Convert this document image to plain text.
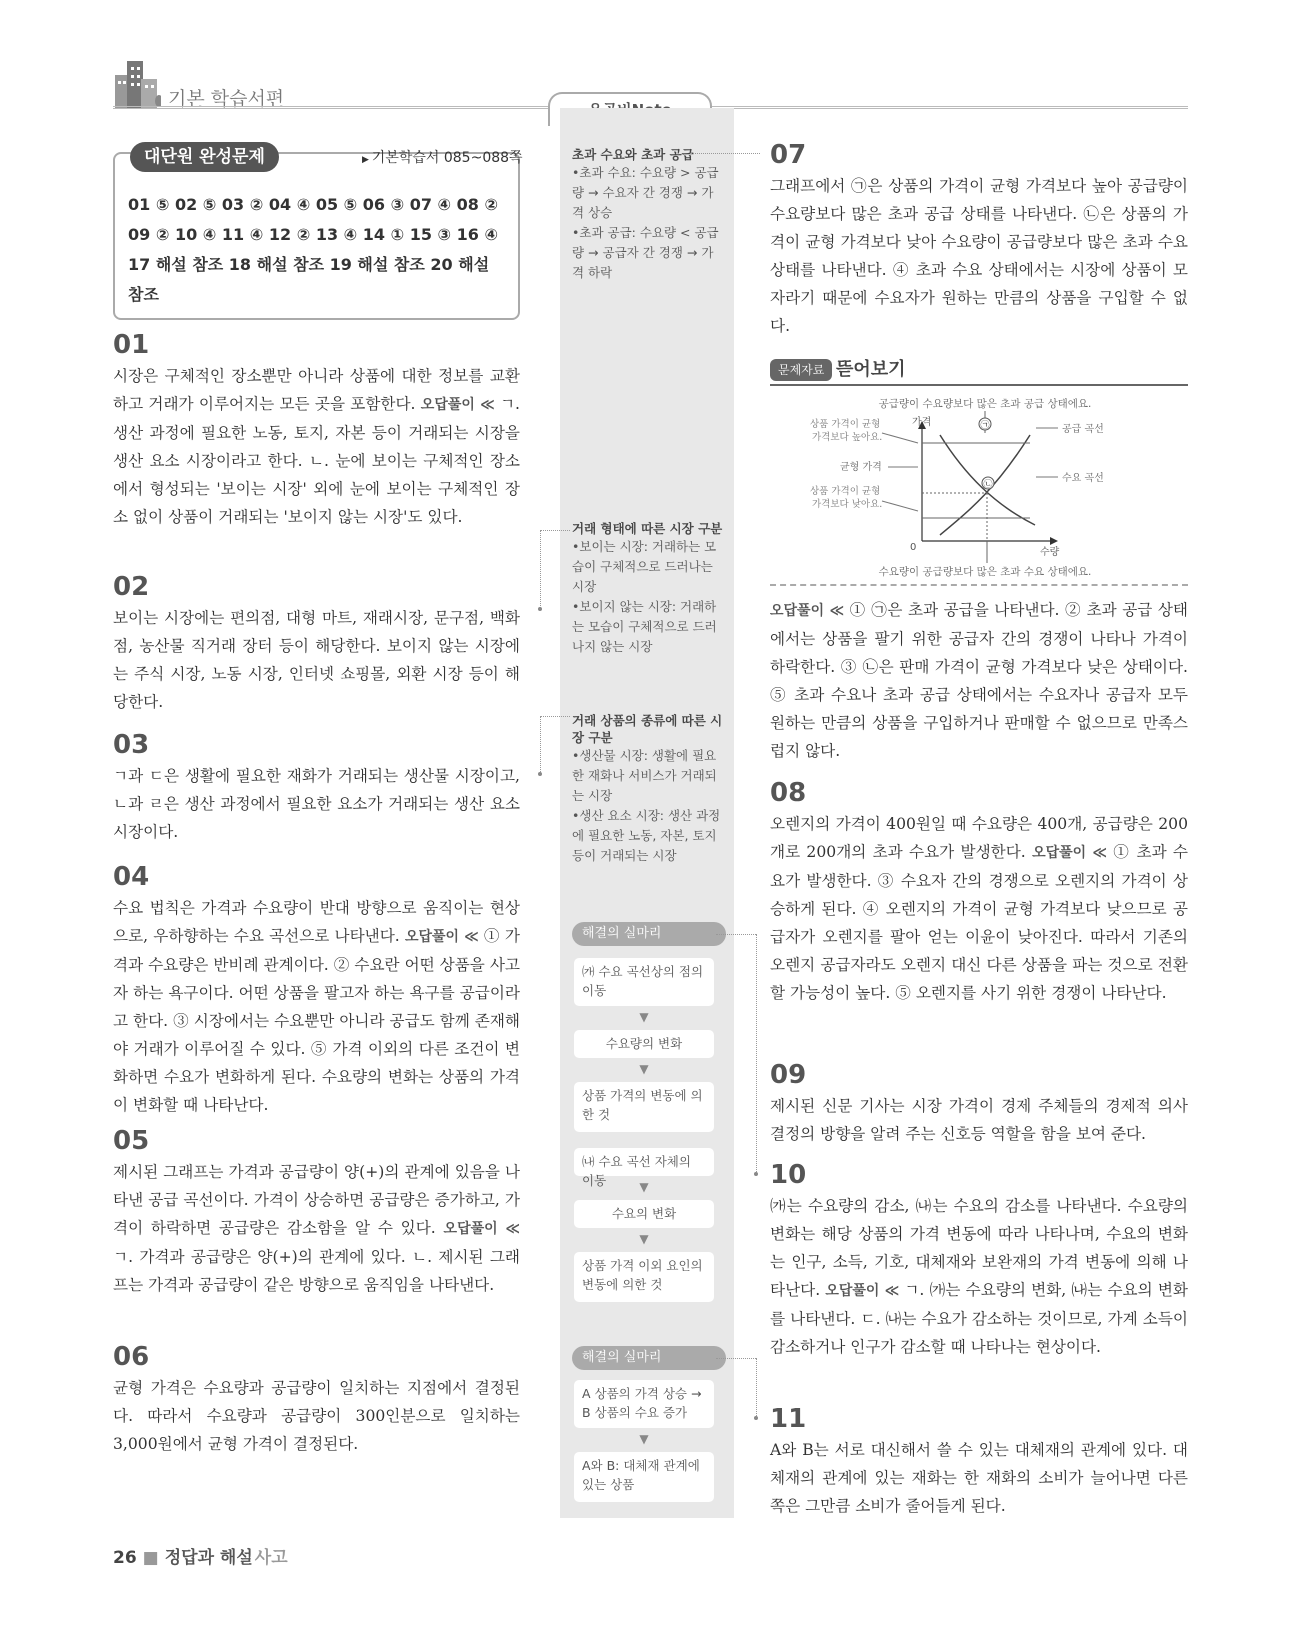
기본 학습서편
대단원 완성문제
▶	기본학습서 085~088쪽
01 ⑤ 02 ⑤ 03 ② 04 ④ 05 ⑤ 06 ③ 07 ④ 08 ② 09 ② 10 ④ 11 ④ 12 ② 13 ④ 14 ① 15 ③ 16 ④ 17 해설 참조 18 해설 참조 19 해설 참조 20 해설 참조
01
시장은 구체적인 장소뿐만 아니라 상품에 대한 정보를 교환하고 거래가 이루어지는 모든 곳을 포함한다. 오답풀이 ≪ ㄱ. 생산 과정에 필요한 노동, 토지, 자본 등이 거래되는 시장을 생산 요소 시장이라고 한다. ㄴ. 눈에 보이는 구체적인 장소에서 형성되는 '보이는 시장' 외에 눈에 보이는 구체적인 장소 없이 상품이 거래되는 '보이지 않는 시장'도 있다.
02
보이는 시장에는 편의점, 대형 마트, 재래시장, 문구점, 백화점, 농산물 직거래 장터 등이 해당한다. 보이지 않는 시장에는 주식 시장, 노동 시장, 인터넷 쇼핑몰, 외환 시장 등이 해당한다.
03
ㄱ과 ㄷ은 생활에 필요한 재화가 거래되는 생산물 시장이고, ㄴ과 ㄹ은 생산 과정에서 필요한 요소가 거래되는 생산 요소 시장이다.
04
수요 법칙은 가격과 수요량이 반대 방향으로 움직이는 현상으로, 우하향하는 수요 곡선으로 나타낸다. 오답풀이 ≪ ① 가격과 수요량은 반비례 관계이다. ② 수요란 어떤 상품을 사고자 하는 욕구이다. 어떤 상품을 팔고자 하는 욕구를 공급이라고 한다. ③ 시장에서는 수요뿐만 아니라 공급도 함께 존재해야 거래가 이루어질 수 있다. ⑤ 가격 이외의 다른 조건이 변화하면 수요가 변화하게 된다. 수요량의 변화는 상품의 가격이 변화할 때 나타난다.
05
제시된 그래프는 가격과 공급량이 양(+)의 관계에 있음을 나타낸 공급 곡선이다. 가격이 상승하면 공급량은 증가하고, 가격이 하락하면 공급량은 감소함을 알 수 있다. 오답풀이 ≪ ㄱ. 가격과 공급량은 양(+)의 관계에 있다. ㄴ. 제시된 그래프는 가격과 공급량이 같은 방향으로 움직임을 나타낸다.
06
균형 가격은 수요량과 공급량이 일치하는 지점에서 결정된다. 따라서 수요량과 공급량이 300인분으로 일치하는 3,000원에서 균형 가격이 결정된다.
초과 수요와 초과 공급
•초과 수요: 수요량 > 공급량 → 수요자 간 경쟁 → 가격 상승
•초과 공급: 수요량 < 공급량 → 공급자 간 경쟁 → 가격 하락
거래 형태에 따른 시장 구분
•보이는 시장: 거래하는 모습이 구체적으로 드러나는 시장
•보이지 않는 시장: 거래하는 모습이 구체적으로 드러나지 않는 시장
거래 상품의 종류에 따른 시장 구분
•생산물 시장: 생활에 필요한 재화나 서비스가 거래되는 시장
•생산 요소 시장: 생산 과정에 필요한 노동, 자본, 토지 등이 거래되는 시장
해결의 실마리
㈎ 수요 곡선상의 점의 이동
▼
수요량의 변화
▼
상품 가격의 변동에 의한 것
㈏ 수요 곡선 자체의 이동	▼
수요의 변화
▼
상품 가격 이외 요인의 변동에 의한 것
해결의 실마리
A 상품의 가격 상승 → B 상품의 수요 증가
▼
A와 B: 대체재 관계에 있는 상품
07
그래프에서 ㉠은 상품의 가격이 균형 가격보다 높아 공급량이 수요량보다 많은 초과 공급 상태를 나타낸다. ㉡은 상품의 가격이 균형 가격보다 낮아 수요량이 공급량보다 많은 초과 수요 상태를 나타낸다. ④ 초과 수요 상태에서는 시장에 상품이 모자라기 때문에 수요자가 원하는 만큼의 상품을 구입할 수 없다.
문제자료 뜯어보기
공급량이 수요량보다 많은 초과 공급 상태에요.
가격
수량
0
㉠
㉡
상품 가격이 균형 가격보다 높아요.
균형 가격
상품 가격이 균형 가격보다 낮아요.
공급 곡선
수요 곡선
수요량이 공급량보다 많은 초과 수요 상태에요.
오답풀이 ≪ ① ㉠은 초과 공급을 나타낸다. ② 초과 공급 상태에서는 상품을 팔기 위한 공급자 간의 경쟁이 나타나 가격이 하락한다. ③ ㉡은 판매 가격이 균형 가격보다 낮은 상태이다. ⑤ 초과 수요나 초과 공급 상태에서는 수요자나 공급자 모두 원하는 만큼의 상품을 구입하거나 판매할 수 없으므로 만족스럽지 않다.
08
오렌지의 가격이 400원일 때 수요량은 400개, 공급량은 200개로 200개의 초과 수요가 발생한다. 오답풀이 ≪ ① 초과 수요가 발생한다. ③ 수요자 간의 경쟁으로 오렌지의 가격이 상승하게 된다. ④ 오렌지의 가격이 균형 가격보다 낮으므로 공급자가 오렌지를 팔아 얻는 이윤이 낮아진다. 따라서 기존의 오렌지 공급자라도 오렌지 대신 다른 상품을 파는 것으로 전환할 가능성이 높다. ⑤ 오렌지를 사기 위한 경쟁이 나타난다.
09
제시된 신문 기사는 시장 가격이 경제 주체들의 경제적 의사 결정의 방향을 알려 주는 신호등 역할을 함을 보여 준다.
10
㈎는 수요량의 감소, ㈏는 수요의 감소를 나타낸다. 수요량의 변화는 해당 상품의 가격 변동에 따라 나타나며, 수요의 변화는 인구, 소득, 기호, 대체재와 보완재의 가격 변동에 의해 나타난다. 오답풀이 ≪ ㄱ. ㈎는 수요량의 변화, ㈏는 수요의 변화를 나타낸다. ㄷ. ㈏는 수요가 감소하는 것이므로, 가계 소득이 감소하거나 인구가 감소할 때 나타나는 현상이다.
11
A와 B는 서로 대신해서 쓸 수 있는 대체재의 관계에 있다. 대체재의 관계에 있는 재화는 한 재화의 소비가 늘어나면 다른 쪽은 그만큼 소비가 줄어들게 된다.
26 ■ 정답과 해설 사고
